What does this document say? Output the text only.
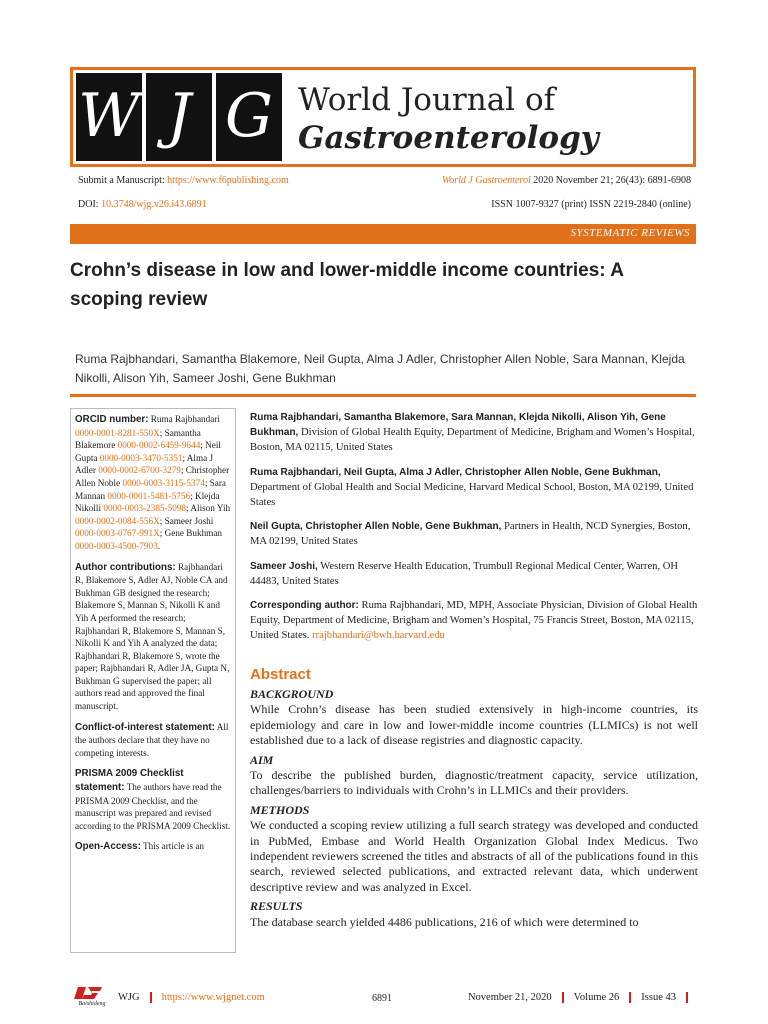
W J G World Journal of
Gastroenterology
Submit a Manuscript: https://www.f6publishing.com	World J Gastroenterol 2020 November 21; 26(43): 6891-6908
DOI: 10.3748/wjg.v26.i43.6891	ISSN 1007-9327 (print) ISSN 2219-2840 (online)
SYSTEMATIC REVIEWS
Crohn’s disease in low and lower-middle income countries: A scoping review
Ruma Rajbhandari, Samantha Blakemore, Neil Gupta, Alma J Adler, Christopher Allen Noble, Sara Mannan, Klejda Nikolli, Alison Yih, Sameer Joshi, Gene Bukhman

ORCID number: Ruma Rajbhandari 0000-0001-8281-550X; Samantha Blakemore 0000-0002-6459-9644; Neil Gupta 0000-0003-3470-5351; Alma J Adler 0000-0002-6700-3279; Christopher Allen Noble 0000-0003-3115-5374; Sara Mannan 0000-0001-5481-5756; Klejda Nikolli 0000-0003-2385-5098; Alison Yih 0000-0002-0084-556X; Sameer Joshi 0000-0003-0767-991X; Gene Bukhman 0000-0003-4500-7903.

Author contributions: Rajbhandari R, Blakemore S, Adler AJ, Noble CA and Bukhman GB designed the research; Blakemore S, Mannan S, Nikolli K and Yih A performed the research; Rajbhandari R, Blakemore S, Mannan S, Nikolli K and Yih A analyzed the data; Rajbhandari R, Blakemore S, wrote the paper; Rajbhandari R, Adler JA, Gupta N, Bukhman G supervised the paper; all authors read and approved the final manuscript.

Conflict-of-interest statement: All the authors declare that they have no competing interests.

PRISMA 2009 Checklist statement: The authors have read the PRISMA 2009 Checklist, and the manuscript was prepared and revised according to the PRISMA 2009 Checklist.

Open-Access: This article is an

Ruma Rajbhandari, Samantha Blakemore, Sara Mannan, Klejda Nikolli, Alison Yih, Gene Bukhman, Division of Global Health Equity, Department of Medicine, Brigham and Women’s Hospital, Boston, MA 02115, United States

Ruma Rajbhandari, Neil Gupta, Alma J Adler, Christopher Allen Noble, Gene Bukhman, Department of Global Health and Social Medicine, Harvard Medical School, Boston, MA 02199, United States

Neil Gupta, Christopher Allen Noble, Gene Bukhman, Partners in Health, NCD Synergies, Boston, MA 02199, United States

Sameer Joshi, Western Reserve Health Education, Trumbull Regional Medical Center, Warren, OH 44483, United States

Corresponding author: Ruma Rajbhandari, MD, MPH, Associate Physician, Division of Global Health Equity, Department of Medicine, Brigham and Women’s Hospital, 75 Francis Street, Boston, MA 02115, United States. rrajbhandari@bwh.harvard.edu

Abstract

BACKGROUND

While Crohn’s disease has been studied extensively in high-income countries, its epidemiology and care in low and lower-middle income countries (LLMICs) is not well established due to a lack of disease registries and diagnostic capacity.

AIM

To describe the published burden, diagnostic/treatment capacity, service utilization, challenges/barriers to individuals with Crohn’s in LLMICs and their providers.

METHODS

We conducted a scoping review utilizing a full search strategy was developed and conducted in PubMed, Embase and World Health Organization Global Index Medicus. Two independent reviewers screened the titles and abstracts of all of the publications found in this search, reviewed selected publications, and extracted relevant data, which underwent descriptive review and was analyzed in Excel.

RESULTS

The database search yielded 4486 publications, 216 of which were determined to

Baishideng
WJG https://www.wjgnet.com	6891	November 21, 2020 Volume 26 Issue 43
